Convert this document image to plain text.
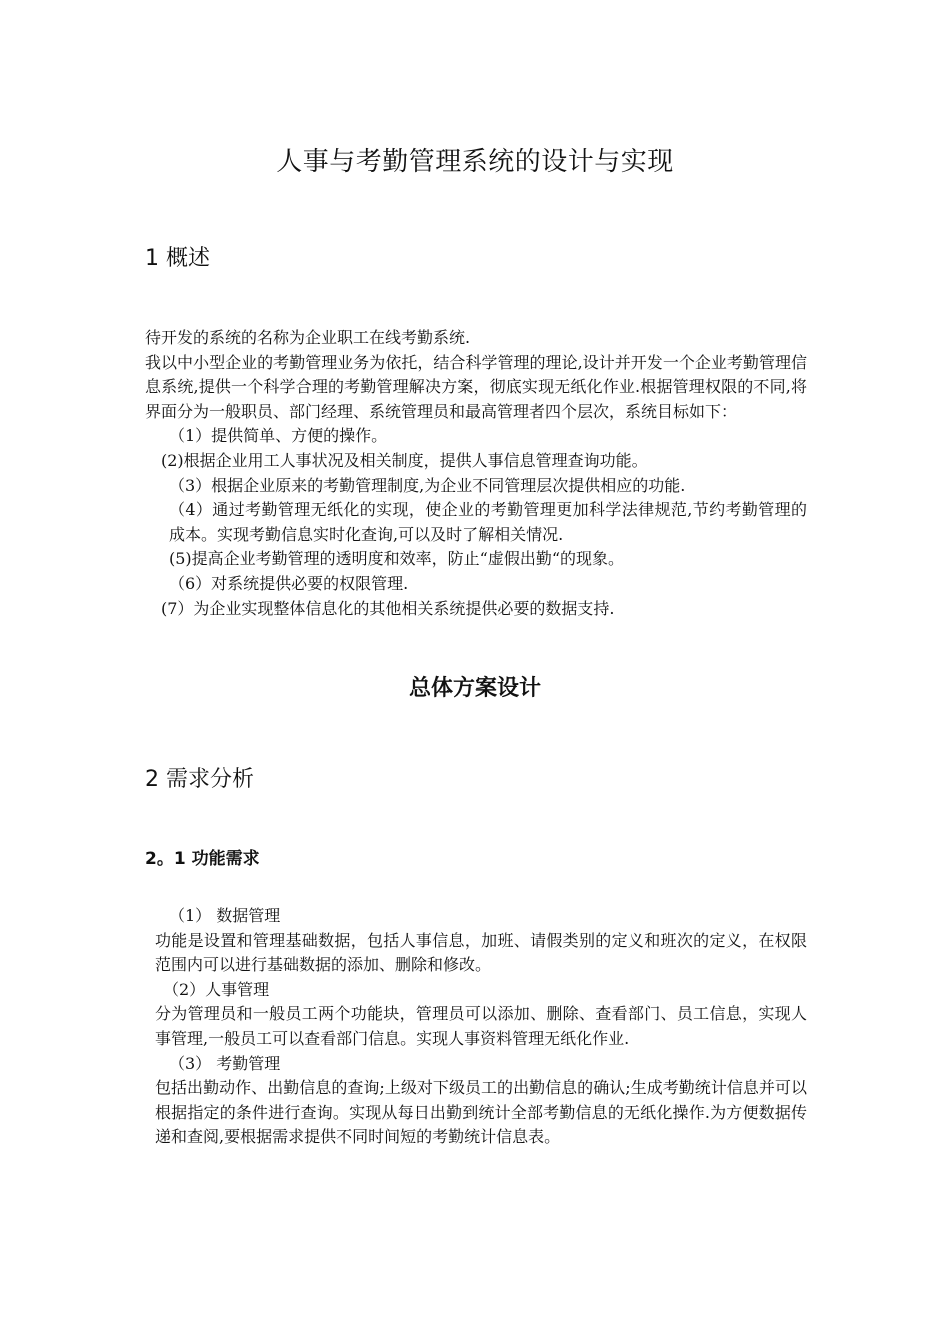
人事与考勤管理系统的设计与实现
1 概述

待开发的系统的名称为企业职工在线考勤系统.

我以中小型企业的考勤管理业务为依托，结合科学管理的理论,设计并开发一个企业考勤管理信息系统,提供一个科学合理的考勤管理解决方案，彻底实现无纸化作业.根据管理权限的不同,将界面分为一般职员、部门经理、系统管理员和最高管理者四个层次，系统目标如下：

（1）提供简单、方便的操作。

(2)根据企业用工人事状况及相关制度，提供人事信息管理查询功能。

（3）根据企业原来的考勤管理制度,为企业不同管理层次提供相应的功能.

（4）通过考勤管理无纸化的实现，使企业的考勤管理更加科学法律规范,节约考勤管理的成本。实现考勤信息实时化查询,可以及时了解相关情况.

(5)提高企业考勤管理的透明度和效率，防止“虚假出勤“的现象。

（6）对系统提供必要的权限管理.

(7）为企业实现整体信息化的其他相关系统提供必要的数据支持.

总体方案设计
2 需求分析
2。1 功能需求

（1） 数据管理

功能是设置和管理基础数据，包括人事信息，加班、请假类别的定义和班次的定义，在权限范围内可以进行基础数据的添加、删除和修改。

（2）人事管理

分为管理员和一般员工两个功能块，管理员可以添加、删除、查看部门、员工信息，实现人事管理,一般员工可以查看部门信息。实现人事资料管理无纸化作业.

（3） 考勤管理

包括出勤动作、出勤信息的查询;上级对下级员工的出勤信息的确认;生成考勤统计信息并可以根据指定的条件进行查询。实现从每日出勤到统计全部考勤信息的无纸化操作.为方便数据传递和查阅,要根据需求提供不同时间短的考勤统计信息表。
